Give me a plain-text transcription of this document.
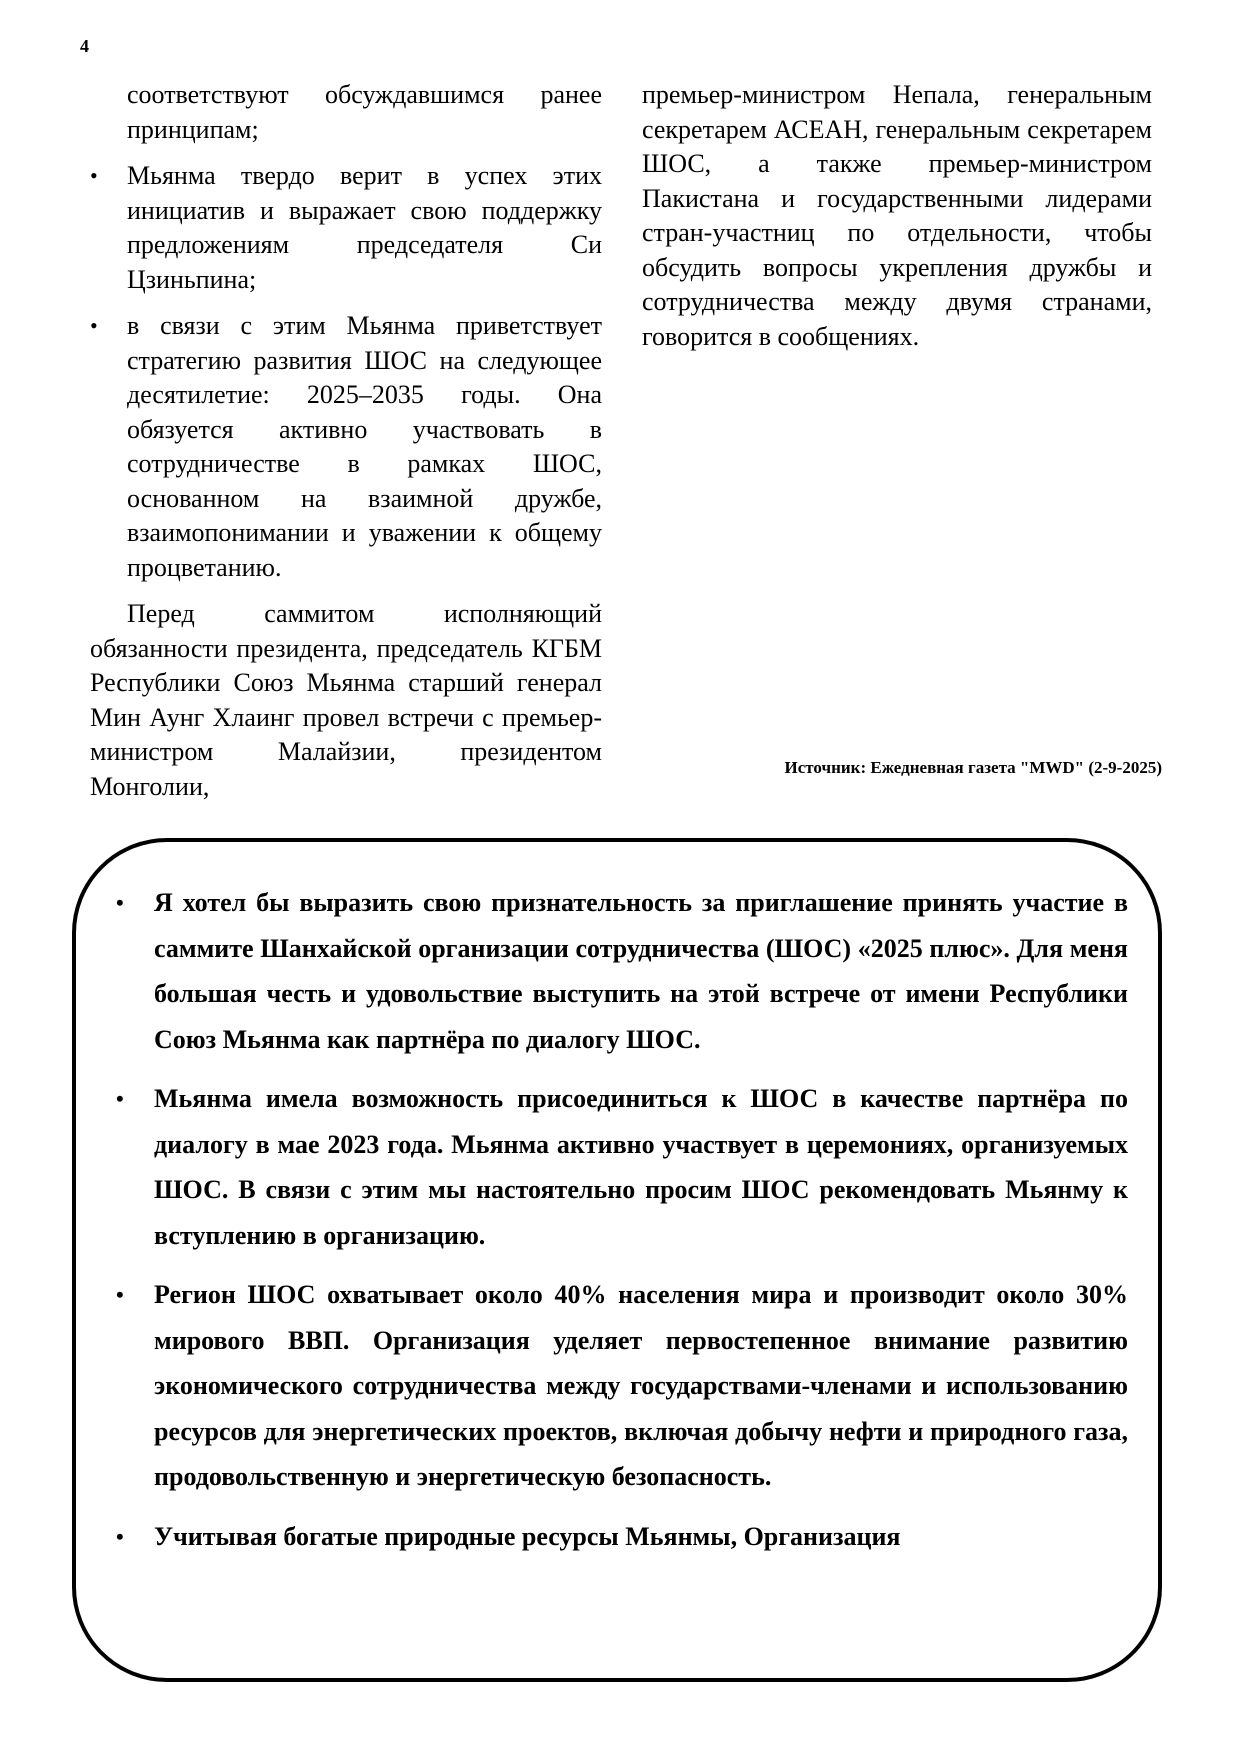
4

соответствуют обсуждавшимся ранее принципам;

• Мьянма твердо верит в успех этих инициатив и выражает свою поддержку предложениям председателя Си Цзиньпина;
• в связи с этим Мьянма приветствует стратегию развития ШОС на следующее десятилетие: 2025–2035 годы. Она обязуется активно участвовать в сотрудничестве в рамках ШОС, основанном на взаимной дружбе, взаимопонимании и уважении к общему процветанию.

Перед саммитом исполняющий обязанности президента, председатель КГБМ Республики Союз Мьянма старший генерал Мин Аунг Хлаинг провел встречи с премьер-министром Малайзии, президентом Монголии,

премьер-министром Непала, генеральным секретарем АСЕАН, генеральным секретарем ШОС, а также премьер-министром Пакистана и государственными лидерами стран-участниц по отдельности, чтобы обсудить вопросы укрепления дружбы и сотрудничества между двумя странами, говорится в сообщениях.

Источник: Ежедневная газета "MWD" (2-9-2025)
• Я хотел бы выразить свою признательность за приглашение принять участие в саммите Шанхайской организации сотрудничества (ШОС) «2025 плюс». Для меня большая честь и удовольствие выступить на этой встрече от имени Республики Союз Мьянма как партнёра по диалогу ШОС.
• Мьянма имела возможность присоединиться к ШОС в качестве партнёра по диалогу в мае 2023 года. Мьянма активно участвует в церемониях, организуемых ШОС. В связи с этим мы настоятельно просим ШОС рекомендовать Мьянму к вступлению в организацию.
• Регион ШОС охватывает около 40% населения мира и производит около 30% мирового ВВП. Организация уделяет первостепенное внимание развитию экономического сотрудничества между государствами-членами и использованию ресурсов для энергетических проектов, включая добычу нефти и природного газа, продовольственную и энергетическую безопасность.
• Учитывая богатые природные ресурсы Мьянмы, Организация
